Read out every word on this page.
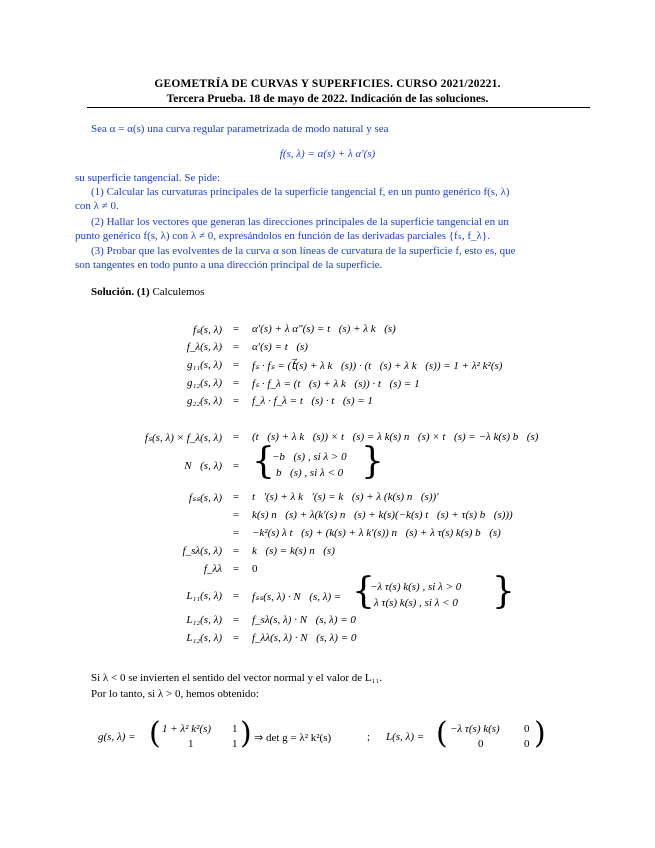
GEOMETRÍA DE CURVAS Y SUPERFICIES. CURSO 2021/20221.
Tercera Prueba. 18 de mayo de 2022. Indicación de las soluciones.
Sea α = α(s) una curva regular parametrizada de modo natural y sea
f(s, λ) = α(s) + λ α′(s)
su superficie tangencial. Se pide:
(1) Calcular las curvaturas principales de la superficie tangencial f, en un punto genérico f(s, λ)
con λ ≠ 0.
(2) Hallar los vectores que generan las direcciones principales de la superficie tangencial en un
punto genérico f(s, λ) con λ ≠ 0, expresándolos en función de las derivadas parciales {fₛ, f_λ}.
(3) Probar que las evolventes de la curva α son líneas de curvatura de la superficie f, esto es, que
son tangentes en todo punto a una dirección principal de la superficie.
Solución. (1) Calculemos
fₛ(s, λ) =	α′(s) + λ α″(s) = t⃗(s) + λ k⃗(s)
f_λ(s, λ) =	α′(s) = t⃗(s)
g₁₁(s, λ) =	fₛ · fₛ = (t⃗(s) + λ k⃗(s)) · (t⃗(s) + λ k⃗(s)) = 1 + λ² k²(s)
g₁₂(s, λ) =	fₛ · f_λ = (t⃗(s) + λ k⃗(s)) · t⃗(s) = 1
g₂₂(s, λ) =	f_λ · f_λ = t⃗(s) · t⃗(s) = 1
fₛ(s, λ) × f_λ(s, λ) =	(t⃗(s) + λ k⃗(s)) × t⃗(s) = λ k(s) n⃗(s) × t⃗(s) = −λ k(s) b⃗(s)
N⃗(s, λ) = {
−b⃗(s) , si λ > 0
b⃗(s) , si λ < 0 }
fₛₛ(s, λ) =	t⃗′(s) + λ k⃗′(s) = k⃗(s) + λ (k(s) n⃗(s))′
=	k(s) n⃗(s) + λ(k′(s) n⃗(s) + k(s)(−k(s) t⃗(s) + τ(s) b⃗(s)))
=	−k²(s) λ t⃗(s) + (k(s) + λ k′(s)) n⃗(s) + λ τ(s) k(s) b⃗(s)
f_sλ(s, λ) =	k⃗(s) = k(s) n⃗(s)
f_λλ =	0
L₁₁(s, λ) =	fₛₛ(s, λ) · N⃗(s, λ) = {
−λ τ(s) k(s) , si λ > 0
λ τ(s) k(s) , si λ < 0 }
L₁₂(s, λ) =	f_sλ(s, λ) · N⃗(s, λ) = 0
L₁₂(s, λ) =	f_λλ(s, λ) · N⃗(s, λ) = 0
Si λ < 0 se invierten el sentido del vector normal y el valor de L₁₁.
Por lo tanto, si λ > 0, hemos obtenido:
g(s, λ) = ( 1 + λ² k²(s) 1
1	1 ) ⇒ det g = λ² k²(s)	; L(s, λ) = ( −λ τ(s) k(s) 0
0	0 )
